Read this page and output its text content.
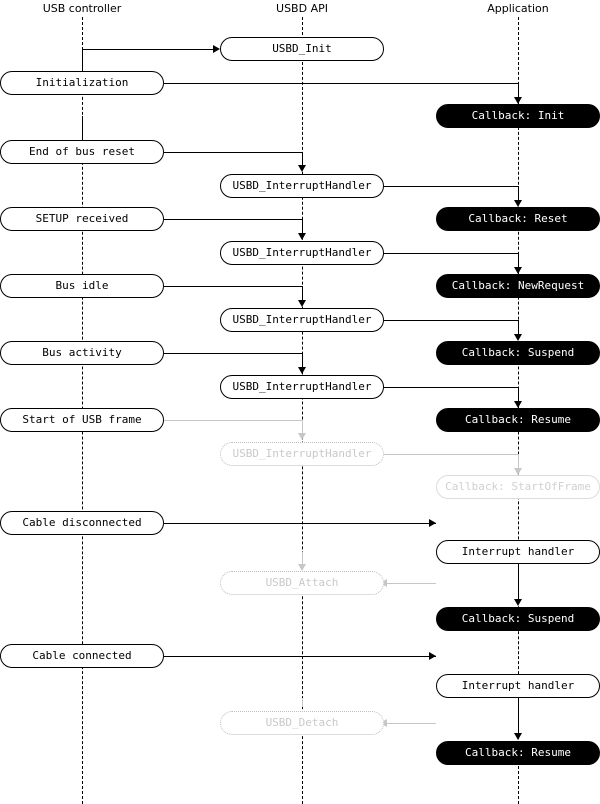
USB controller	USBD API	Application
USBD_Init
Initialization
Callback: Init
End of bus reset
USBD_InterruptHandler
SETUP received	Callback: Reset
USBD_InterruptHandler
Bus idle	Callback: NewRequest
USBD_InterruptHandler
Bus activity	Callback: Suspend
USBD_InterruptHandler
Start of USB frame	Callback: Resume
USBD_InterruptHandler
Callback: StartOfFrame
Cable disconnected
Interrupt handler
USBD_Attach
Callback: Suspend
Cable connected
Interrupt handler
USBD_Detach
Callback: Resume
